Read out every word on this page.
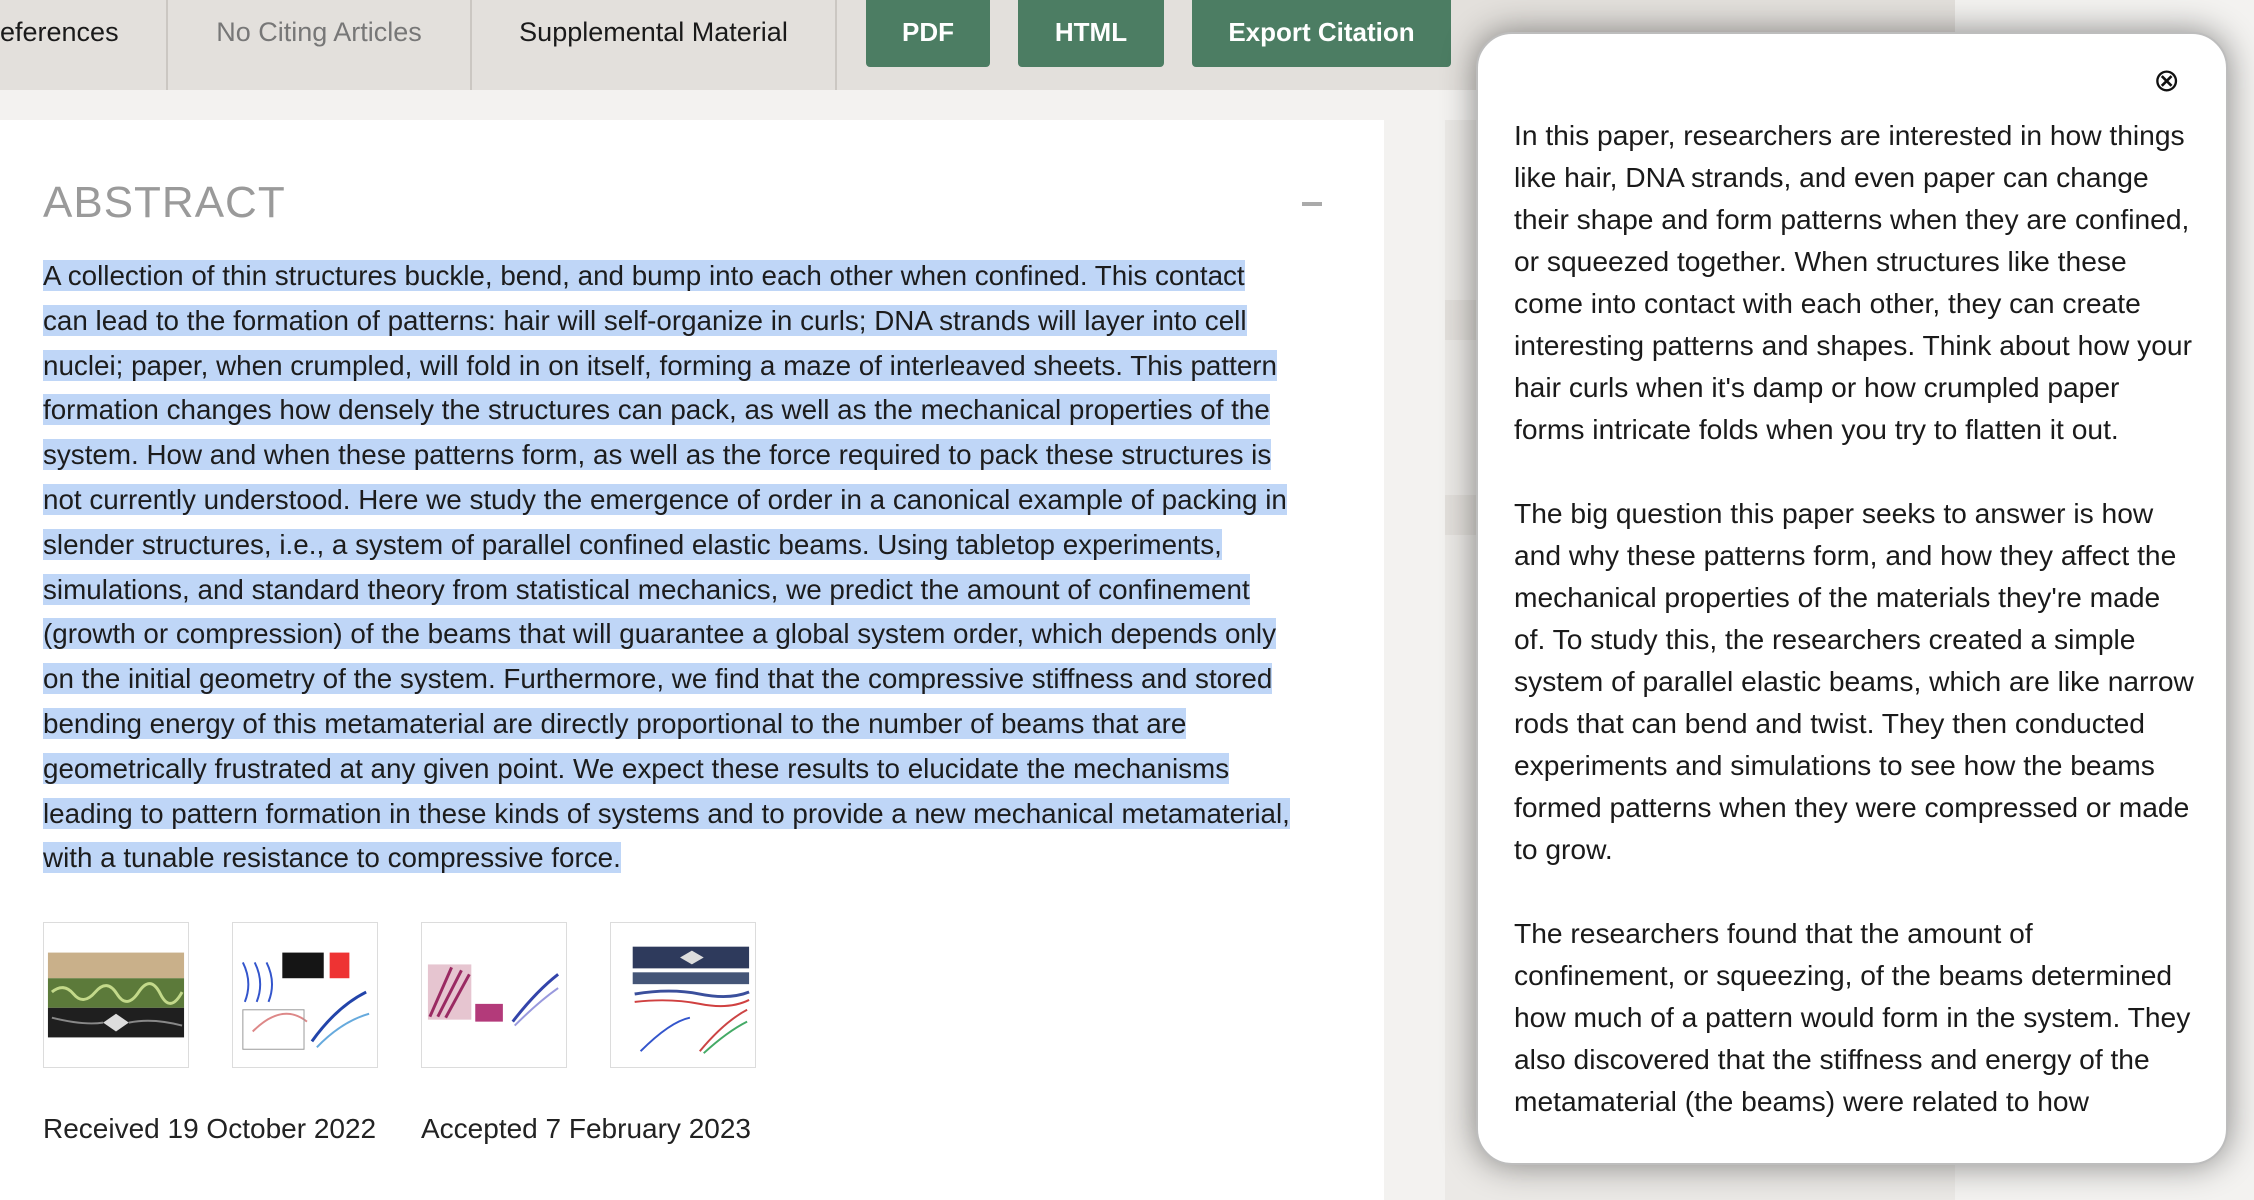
eferences	No Citing Articles	Supplemental Material	PDF	HTML	Export Citation
ABSTRACT
A collection of thin structures buckle, bend, and bump into each other when confined. This contact
can lead to the formation of patterns: hair will self-organize in curls; DNA strands will layer into cell
nuclei; paper, when crumpled, will fold in on itself, forming a maze of interleaved sheets. This pattern
formation changes how densely the structures can pack, as well as the mechanical properties of the
system. How and when these patterns form, as well as the force required to pack these structures is
not currently understood. Here we study the emergence of order in a canonical example of packing in
slender structures, i.e., a system of parallel confined elastic beams. Using tabletop experiments,
simulations, and standard theory from statistical mechanics, we predict the amount of confinement
(growth or compression) of the beams that will guarantee a global system order, which depends only
on the initial geometry of the system. Furthermore, we find that the compressive stiffness and stored
bending energy of this metamaterial are directly proportional to the number of beams that are
geometrically frustrated at any given point. We expect these results to elucidate the mechanisms
leading to pattern formation in these kinds of systems and to provide a new mechanical metamaterial,
with a tunable resistance to compressive force.
Received 19 October 2022 Accepted 7 February 2023
⊗

In this paper, researchers are interested in how things like hair, DNA strands, and even paper can change their shape and form patterns when they are confined, or squeezed together. When structures like these come into contact with each other, they can create interesting patterns and shapes. Think about how your hair curls when it's damp or how crumpled paper forms intricate folds when you try to flatten it out.

The big question this paper seeks to answer is how and why these patterns form, and how they affect the mechanical properties of the materials they're made of. To study this, the researchers created a simple system of parallel elastic beams, which are like narrow rods that can bend and twist. They then conducted experiments and simulations to see how the beams formed patterns when they were compressed or made to grow.

The researchers found that the amount of confinement, or squeezing, of the beams determined how much of a pattern would form in the system. They also discovered that the stiffness and energy of the metamaterial (the beams) were related to how
